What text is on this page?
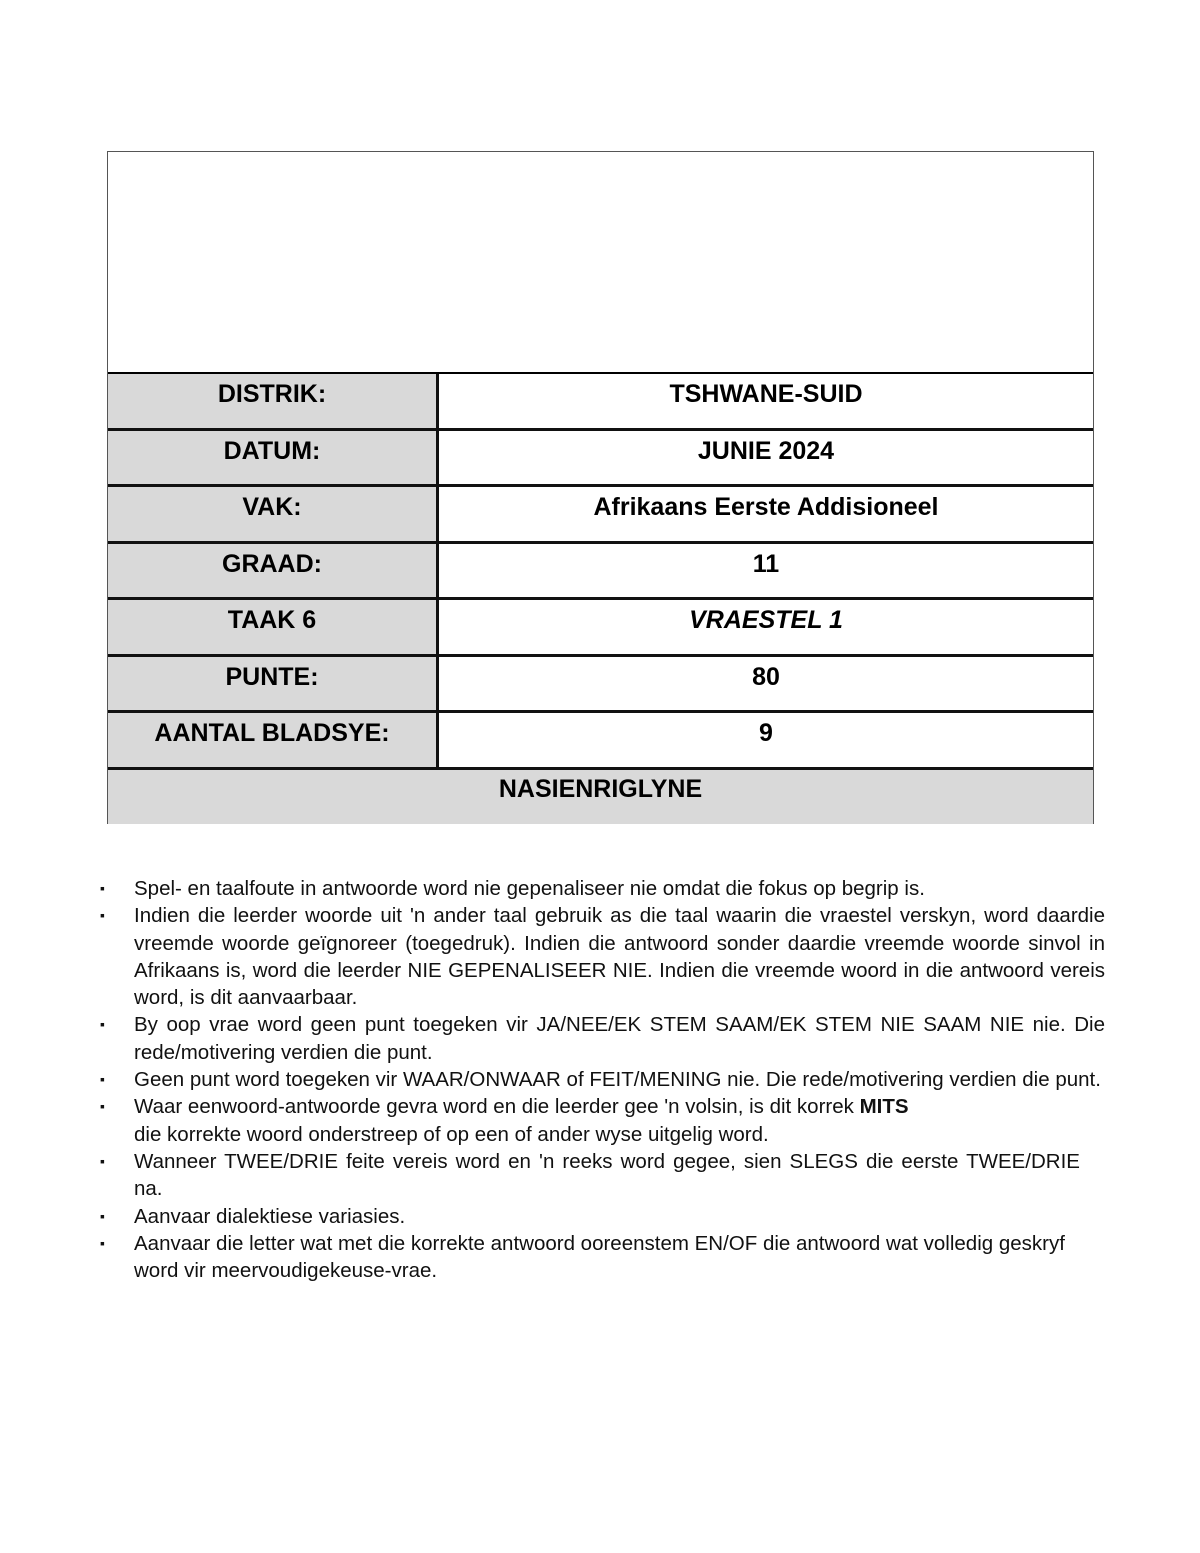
DISTRIK:	TSHWANE-SUID
DATUM:	JUNIE 2024
VAK:	Afrikaans Eerste Addisioneel
GRAAD:	11
TAAK 6	VRAESTEL 1
PUNTE:	80
AANTAL BLADSYE:	9
NASIENRIGLYNE
▪ Spel- en taalfoute in antwoorde word nie gepenaliseer nie omdat die fokus op begrip is.
▪ Indien die leerder woorde uit 'n ander taal gebruik as die taal waarin die vraestel verskyn, word daardie vreemde woorde geïgnoreer (toegedruk). Indien die antwoord sonder daardie vreemde woorde sinvol in Afrikaans is, word die leerder NIE GEPENALISEER NIE. Indien die vreemde woord in die antwoord vereis word, is dit aanvaarbaar.
▪ By oop vrae word geen punt toegeken vir JA/NEE/EK STEM SAAM/EK STEM NIE SAAM NIE nie. Die rede/motivering verdien die punt.
▪ Geen punt word toegeken vir WAAR/ONWAAR of FEIT/MENING nie. Die rede/motivering verdien die punt.
▪ Waar eenwoord-antwoorde gevra word en die leerder gee 'n volsin, is dit korrek MITS
die korrekte woord onderstreep of op een of ander wyse uitgelig word.
▪ Wanneer TWEE/DRIE feite vereis word en 'n reeks word gegee, sien SLEGS die eerste TWEE/DRIE na.
▪ Aanvaar dialektiese variasies.
▪ Aanvaar die letter wat met die korrekte antwoord ooreenstem EN/OF die antwoord wat volledig geskryf word vir meervoudigekeuse-vrae.
